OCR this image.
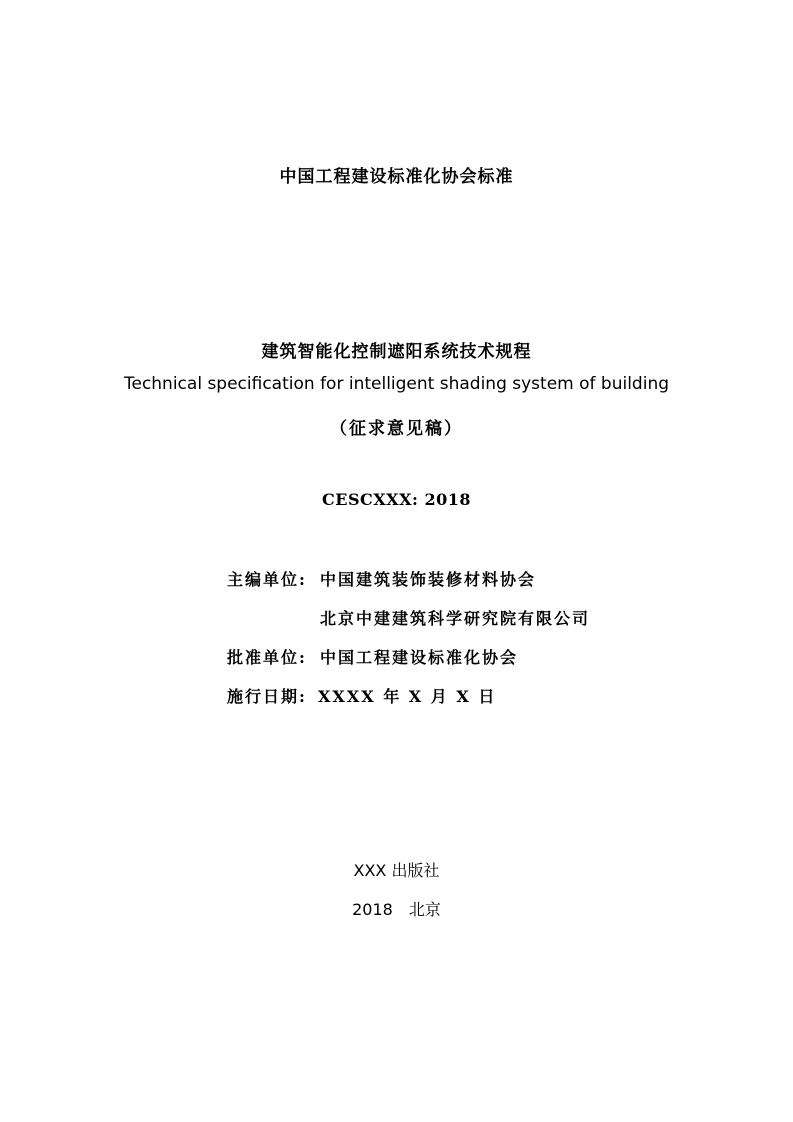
中国工程建设标准化协会标准
建筑智能化控制遮阳系统技术规程
Technical specification for intelligent shading system of building
（征求意见稿）
CESCXXX: 2018
主编单位: 中国建筑装饰装修材料协会
北京中建建筑科学研究院有限公司
批准单位: 中国工程建设标准化协会
施行日期: XXXX 年 X 月 X 日
XXX 出版社
2018　北京
